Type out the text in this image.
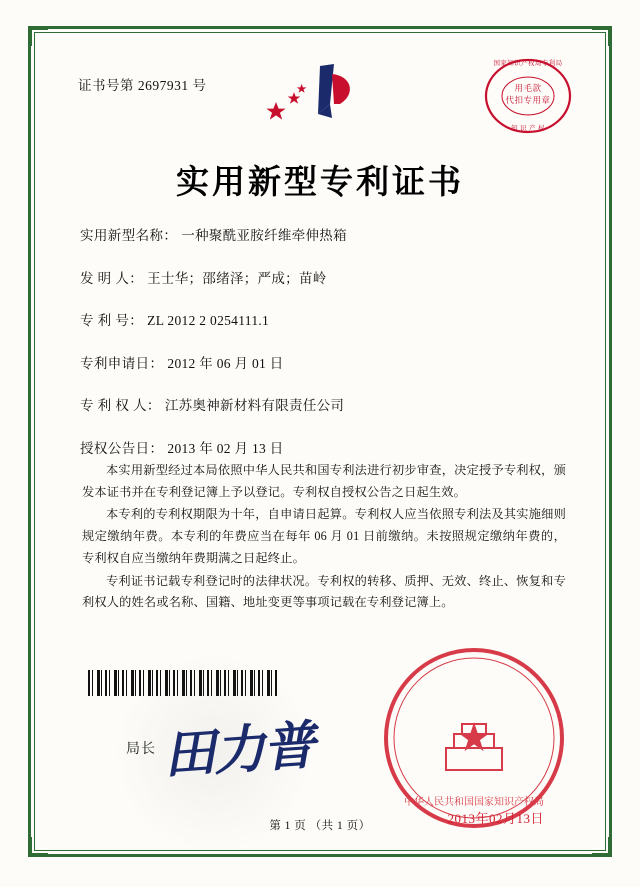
证书号第 2697931 号	用毛款
代扣专用章
国家知识产权局专利局
知 识 产 权
实用新型专利证书
实用新型名称： 一种聚酰亚胺纤维牵伸热箱
发 明 人： 王士华；邵绪泽；严成；苗岭
专 利 号： ZL 2012 2 0254111.1
专利申请日： 2012 年 06 月 01 日
专 利 权 人： 江苏奥神新材料有限责任公司
授权公告日： 2013 年 02 月 13 日

本实用新型经过本局依照中华人民共和国专利法进行初步审查，决定授予专利权，颁发本证书并在专利登记簿上予以登记。专利权自授权公告之日起生效。

本专利的专利权期限为十年，自申请日起算。专利权人应当依照专利法及其实施细则规定缴纳年费。本专利的年费应当在每年 06 月 01 日前缴纳。未按照规定缴纳年费的，专利权自应当缴纳年费期满之日起终止。

专利证书记载专利登记时的法律状况。专利权的转移、质押、无效、终止、恢复和专利权人的姓名或名称、国籍、地址变更等事项记载在专利登记簿上。

局长 田力普	★
中华人民共和国国家知识产权局
2013年02月13日
第 1 页 （共 1 页）
